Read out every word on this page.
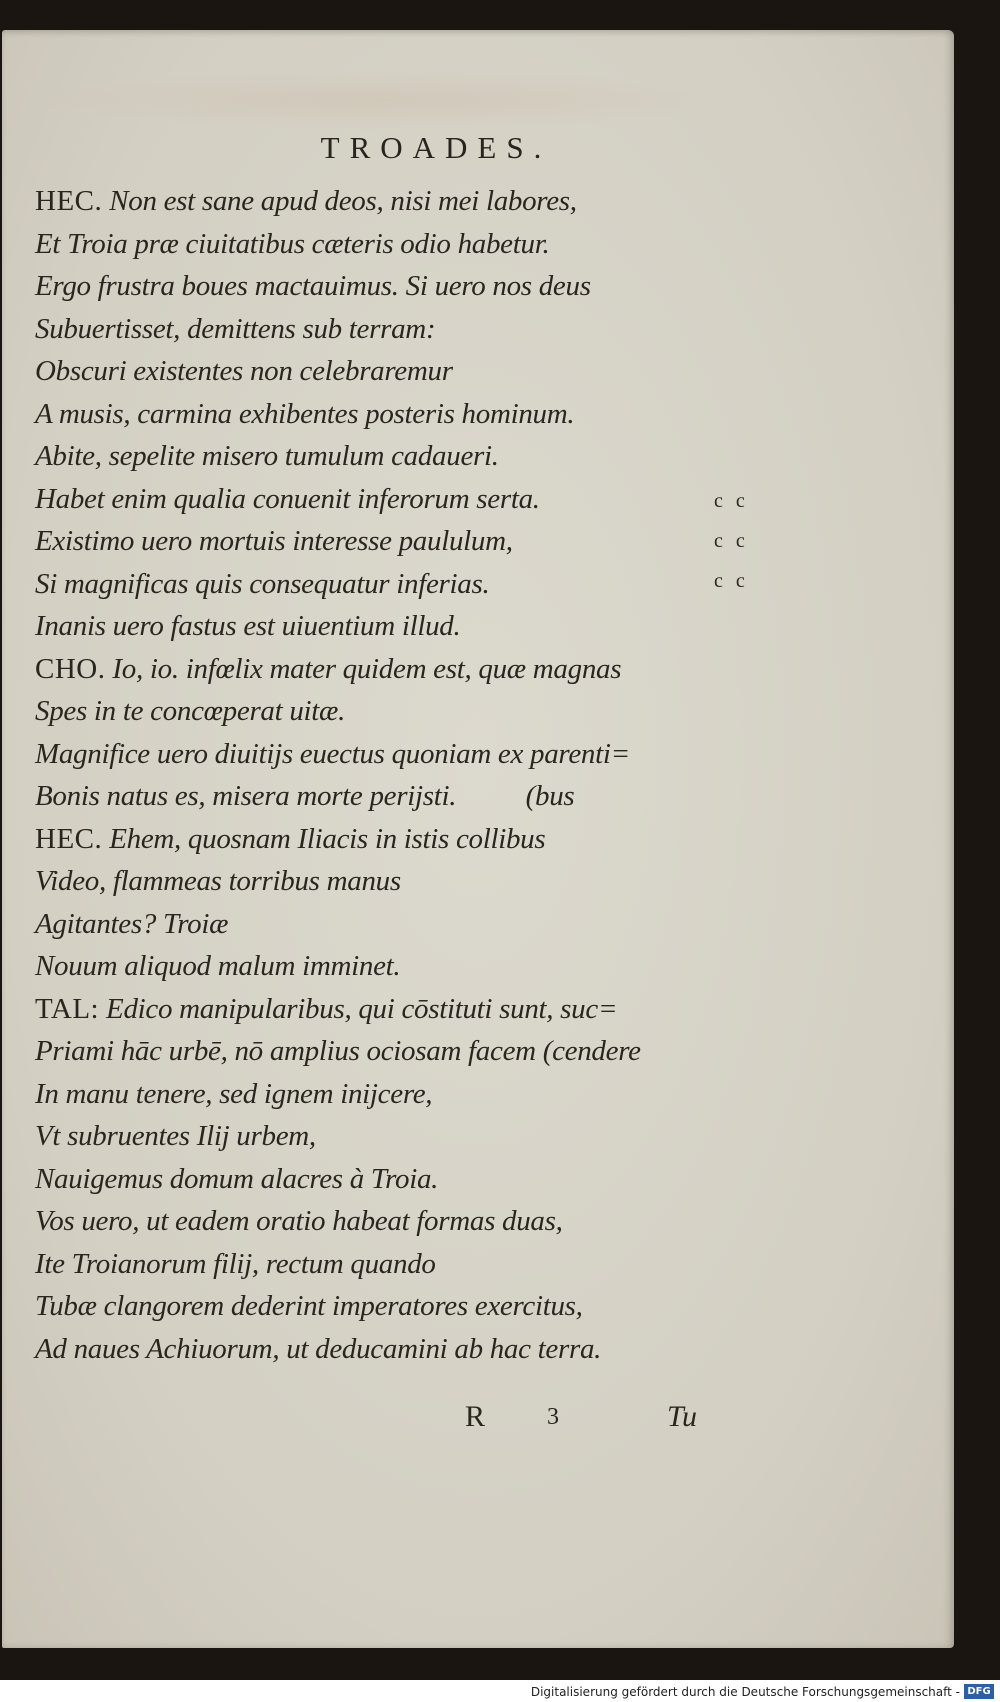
TROADES.
HEC. Non est sane apud deos, nisi mei labores,
Et Troia præ ciuitatibus cæteris odio habetur.
Ergo frustra boues mactauimus. Si uero nos deus
Subuertisset, demittens sub terram:
Obscuri existentes non celebraremur
A musis, carmina exhibentes posteris hominum.
Abite, sepelite misero tumulum cadaueri.
Habet enim qualia conuenit inferorum serta.
Existimo uero mortuis interesse paululum,
Si magnificas quis consequatur inferias.
Inanis uero fastus est uiuentium illud.
CHO. Io, io. infœlix mater quidem est, quæ magnas
Spes in te concœperat uitæ.
Magnifice uero diuitijs euectus quoniam ex parenti=
Bonis natus es, misera morte perijsti.          (bus
HEC. Ehem, quosnam Iliacis in istis collibus
Video, flammeas torribus manus
Agitantes? Troiæ
Nouum aliquod malum imminet.
TAL: Edico manipularibus, qui cōstituti sunt, suc=
Priami hāc urbē, nō amplius ociosam facem (cendere
In manu tenere, sed ignem inijcere,
Vt subruentes Ilij urbem,
Nauigemus domum alacres à Troia.
Vos uero, ut eadem oratio habeat formas duas,
Ite Troianorum filij, rectum quando
Tubæ clangorem dederint imperatores exercitus,
Ad naues Achiuorum, ut deducamini ab hac terra.
c c
c c
c c
R	3	Tu
Digitalisierung gefördert durch die Deutsche Forschungsgemeinschaft - DFG
